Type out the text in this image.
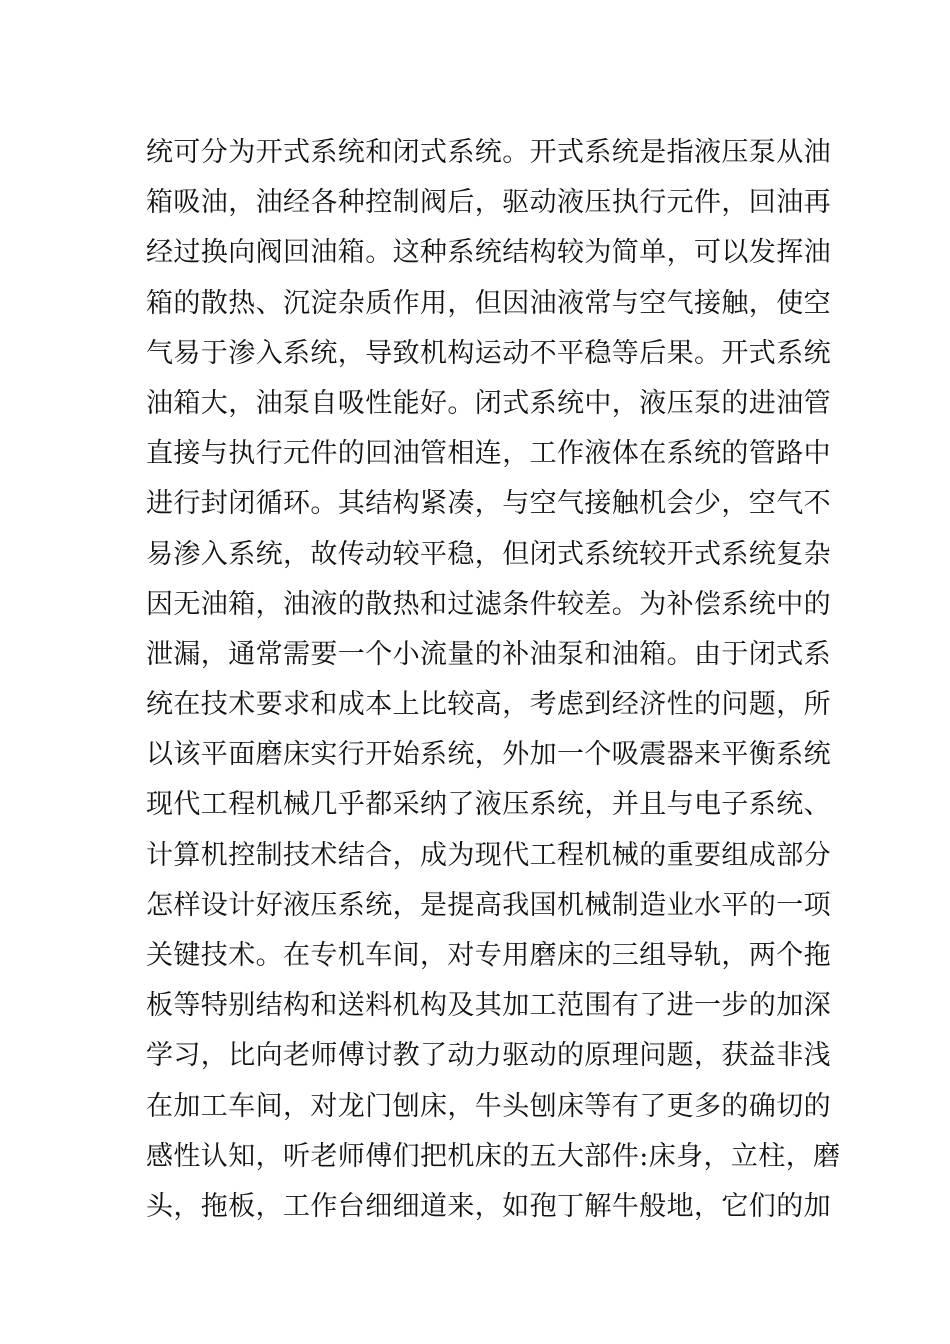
统可分为开式系统和闭式系统。开式系统是指液压泵从油
箱吸油，油经各种控制阀后，驱动液压执行元件，回油再
经过换向阀回油箱。这种系统结构较为简单，可以发挥油
箱的散热、沉淀杂质作用，但因油液常与空气接触，使空
气易于渗入系统，导致机构运动不平稳等后果。开式系统
油箱大，油泵自吸性能好。闭式系统中，液压泵的进油管
直接与执行元件的回油管相连，工作液体在系统的管路中
进行封闭循环。其结构紧凑，与空气接触机会少，空气不
易渗入系统，故传动较平稳，但闭式系统较开式系统复杂
因无油箱，油液的散热和过滤条件较差。为补偿系统中的
泄漏，通常需要一个小流量的补油泵和油箱。由于闭式系
统在技术要求和成本上比较高，考虑到经济性的问题，所
以该平面磨床实行开始系统，外加一个吸震器来平衡系统
现代工程机械几乎都采纳了液压系统，并且与电子系统、
计算机控制技术结合，成为现代工程机械的重要组成部分
怎样设计好液压系统，是提高我国机械制造业水平的一项
关键技术。在专机车间，对专用磨床的三组导轨，两个拖
板等特别结构和送料机构及其加工范围有了进一步的加深
学习，比向老师傅讨教了动力驱动的原理问题，获益非浅
在加工车间，对龙门刨床，牛头刨床等有了更多的确切的
感性认知，听老师傅们把机床的五大部件:床身，立柱，磨
头，拖板，工作台细细道来，如孢丁解牛般地，它们的加
